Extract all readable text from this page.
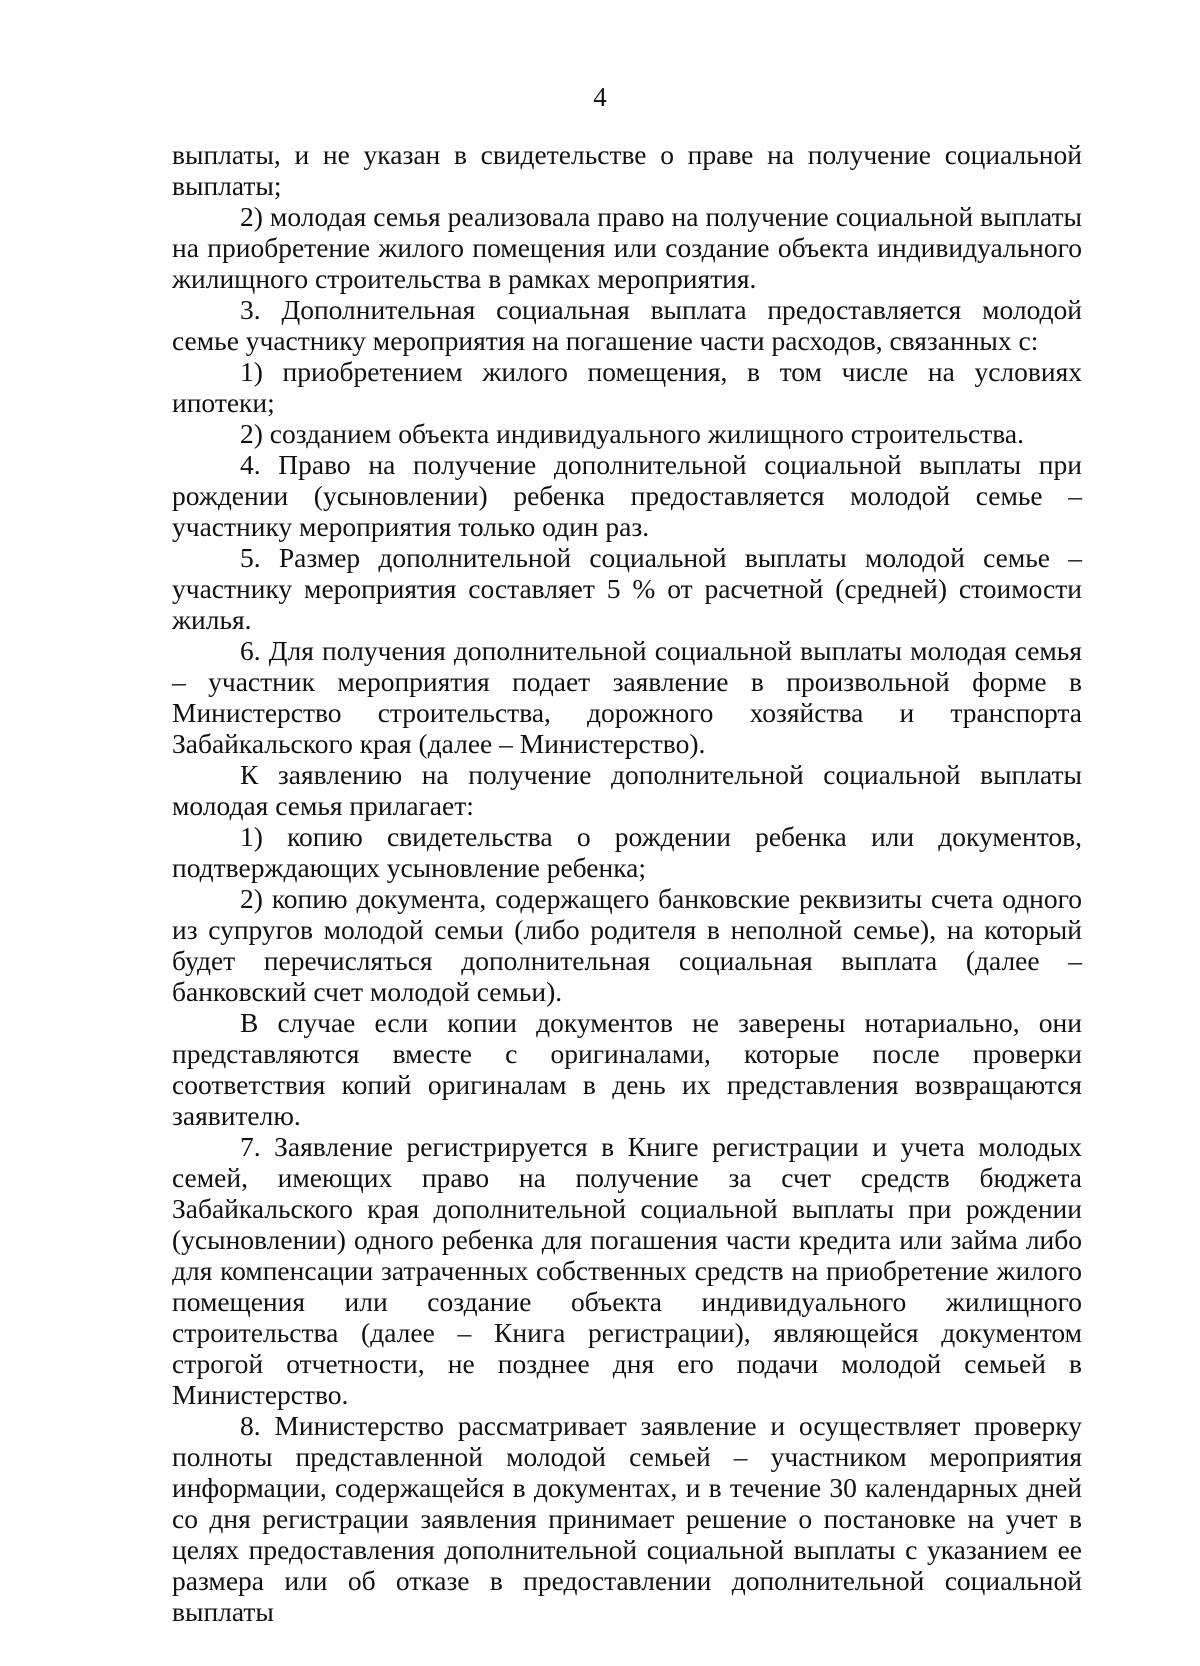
4

выплаты, и не указан в свидетельстве о праве на получение социальной выплаты;

2) молодая семья реализовала право на получение социальной выплаты на приобретение жилого помещения или создание объекта индивидуального жилищного строительства в рамках мероприятия.

3. Дополнительная социальная выплата предоставляется молодой семье участнику мероприятия на погашение части расходов, связанных с:

1) приобретением жилого помещения, в том числе на условиях ипотеки;

2) созданием объекта индивидуального жилищного строительства.

4. Право на получение дополнительной социальной выплаты при рождении (усыновлении) ребенка предоставляется молодой семье – участнику мероприятия только один раз.

5. Размер дополнительной социальной выплаты молодой семье – участнику мероприятия составляет 5 % от расчетной (средней) стоимости жилья.

6. Для получения дополнительной социальной выплаты молодая семья – участник мероприятия подает заявление в произвольной форме в Министерство строительства, дорожного хозяйства и транспорта Забайкальского края (далее – Министерство).

К заявлению на получение дополнительной социальной выплаты молодая семья прилагает:

1) копию свидетельства о рождении ребенка или документов, подтверждающих усыновление ребенка;

2) копию документа, содержащего банковские реквизиты счета одного из супругов молодой семьи (либо родителя в неполной семье), на который будет перечисляться дополнительная социальная выплата (далее – банковский счет молодой семьи).

В случае если копии документов не заверены нотариально, они представляются вместе с оригиналами, которые после проверки соответствия копий оригиналам в день их представления возвращаются заявителю.

7. Заявление регистрируется в Книге регистрации и учета молодых семей, имеющих право на получение за счет средств бюджета Забайкальского края дополнительной социальной выплаты при рождении (усыновлении) одного ребенка для погашения части кредита или займа либо для компенсации затраченных собственных средств на приобретение жилого помещения или создание объекта индивидуального жилищного строительства (далее – Книга регистрации), являющейся документом строгой отчетности, не позднее дня его подачи молодой семьей в Министерство.

8. Министерство рассматривает заявление и осуществляет проверку полноты представленной молодой семьей – участником мероприятия информации, содержащейся в документах, и в течение 30 календарных дней со дня регистрации заявления принимает решение о постановке на учет в целях предоставления дополнительной социальной выплаты с указанием ее размера или об отказе в предоставлении дополнительной социальной выплаты
